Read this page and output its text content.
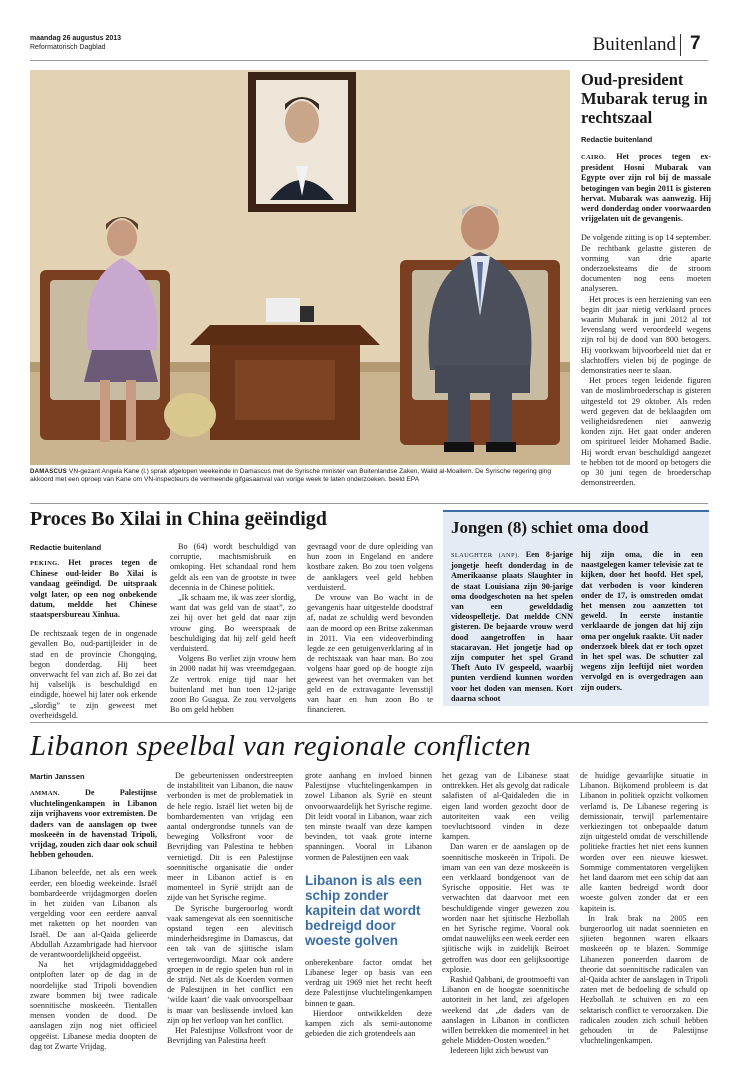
maandag 26 augustus 2013
Reformatorisch Dagblad	Buitenland 7
DAMASCUS VN-gezant Angela Kane (l.) sprak afgelopen weekeinde in Damascus met de Syrische minister van Buitenlandse Zaken, Walid al-Moallem. De Syrische regering ging akkoord met een oproep van Kane om VN-inspecteurs de vermeende gifgasaanval van vorige week te laten onderzoeken. beeld EPA
Oud-president Mubarak terug in rechtszaal
Redactie buitenland

CAIRO. Het proces tegen ex-president Hosni Mubarak van Egypte over zijn rol bij de massale betogingen van begin 2011 is gisteren hervat. Mubarak was aanwezig. Hij werd donderdag onder voorwaarden vrijgelaten uit de gevangenis.

De volgende zitting is op 14 september. De rechtbank gelastte gisteren de vorming van drie aparte onderzoeksteams die de stroom documenten nog eens moeten analyseren.

Het proces is een herziening van een begin dit jaar nietig verklaard proces waarin Mubarak in juni 2012 al tot levenslang werd veroordeeld wegens zijn rol bij de dood van 800 betogers. Hij voorkwam bijvoorbeeld niet dat er slachtoffers vielen bij de poginge de demonstraties neer te slaan.

Het proces tegen leidende figuren van de moslimbroederschap is gisteren uitgesteld tot 29 oktober. Als reden werd gegeven dat de beklaagden om veiligheidsredenen niet aanwezig konden zijn. Het gaat onder anderen om spiritueel leider Mohamed Badie. Hij wordt ervan beschuldigd aangezet te hebben tot de moord op betogers die op 30 juni tegen de broederschap demonstreerden.

Proces Bo Xilai in China geëindigd
Redactie buitenland

PEKING. Het proces tegen de Chinese oud-leider Bo Xilai is vandaag geëindigd. De uitspraak volgt later, op een nog onbekende datum, meldde het Chinese staatspersbureau Xinhua.

De rechtszaak tegen de in ongenade gevallen Bo, oud-partijleider in de stad en de provincie Chongqing, begon donderdag. Hij beet onverwacht fel van zich af. Bo zei dat hij valselijk is beschuldigd en eindigde, hoewel hij later ook erkende „slordig” te zijn geweest met overheidsgeld.

Bo (64) wordt beschuldigd van corruptie, machtsmisbruik en omkoping. Het schandaal rond hem geldt als een van de grootste in twee decennia in de Chinese politiek.

„Ik schaam me, ik was zeer slordig, want dat was geld van de staat”, zo zei hij over het geld dat naar zijn vrouw ging. Bo weerspraak de beschuldiging dat hij zelf geld heeft verduisterd.

Volgens Bo verliet zijn vrouw hem in 2000 nadat hij was vreemdgegaan. Ze vertrok enige tijd naar het buitenland met hun toen 12-jarige zoon Bo Guagua. Ze zou vervolgens Bo om geld hebben

gevraagd voor de dure opleiding van hun zoon in Engeland en andere kostbare zaken. Bo zou toen volgens de aanklagers veel geld hebben verduisterd.

De vrouw van Bo wacht in de gevangenis haar uitgestelde doodstraf af, nadat ze schuldig werd bevonden aan de moord op een Britse zakenman in 2011. Via een videoverbinding legde ze een getuigenverklaring af in de rechtszaak van haar man. Bo zou volgens haar goed op de hoogte zijn geweest van het overmaken van het geld en de extravagante levensstijl van haar en hun zoon Bo te financieren.

Jongen (8) schiet oma dood
SLAUGHTER (ANP). Een 8-jarige jongetje heeft donderdag in de Amerikaanse plaats Slaughter in de staat Louisiana zijn 90-jarige oma doodgeschoten na het spelen van een gewelddadig videospelletje. Dat meldde CNN gisteren. De bejaarde vrouw werd dood aangetroffen in haar stacaravan. Het jongetje had op zijn computer het spel Grand Theft Auto IV gespeeld, waarbij punten verdiend kunnen worden voor het doden van mensen. Kort daarna schoot
hij zijn oma, die in een naastgelegen kamer televisie zat te kijken, door het hoofd. Het spel, dat verboden is voor kinderen onder de 17, is omstreden omdat het mensen zou aanzetten tot geweld. In eerste instantie verklaarde de jongen dat hij zijn oma per ongeluk raakte. Uit nader onderzoek bleek dat er toch opzet in het spel was. De schutter zal wegens zijn leeftijd niet worden vervolgd en is overgedragen aan zijn ouders.
Libanon speelbal van regionale conflicten
Martin Janssen

AMMAN.	De Palestijnse vluchtelingenkampen in Libanon zijn vrijhavens voor extremisten. De daders van de aanslagen op twee moskeeën in de havenstad Tripoli, vrijdag, zouden zich daar ook schuil hebben gehouden.

Libanon beleefde, net als een week eerder, een bloedig weekeinde. Israël bombardeerde vrijdagmorgen doelen in het zuiden van Libanon als vergelding voor een eerdere aanval met raketten op het noorden van Israël. De aan al-Qaida gelieerde Abdullah Azzambrigade had hiervoor de verantwoordelijkheid opgeëist.

Na het vrijdagmiddaggebed ontploften later op de dag in de noordelijke stad Tripoli bovendien zware bommen bij twee radicale soennitische moskeeën. Tientallen mensen vonden de dood. De aanslagen zijn nog niet officieel opgeëist. Libanese media doopten de dag tot Zwarte Vrijdag.

De gebeurtenissen onderstreepten de instabiliteit van Libanon, die nauw verbonden is met de problematiek in de hele regio. Israël liet weten bij de bombardementen van vrijdag een aantal ondergrondse tunnels van de beweging Volksfront voor de Bevrijding van Palestina te hebben vernietigd. Dit is een Palestijnse soennitische organisatie die onder meer in Libanon actief is en momenteel in Syrië strijdt aan de zijde van het Syrische regime.

De Syrische burgeroorlog wordt vaak samengevat als een soennitische opstand tegen een alevitisch minderheidsregime in Damascus, dat een tak van de sjiitische islam vertegenwoordigt. Maar ook andere groepen in de regio spelen hun rol in de strijd. Net als de Koerden vormen de Palestijnen in het conflict een ‘wilde kaart’ die vaak onvoorspelbaar is maar van beslissende invloed kan zijn op het verloop van het conflict.

Het Palestijnse Volksfront voor de Bevrijding van Palestina heeft

grote aanhang en invloed binnen Palestijnse vluchtelingenkampen in zowel Libanon als Syrië en steunt onvoorwaardelijk het Syrische regime. Dit leidt vooral in Libanon, waar zich ten minste twaalf van deze kampen bevinden, tot vaak grote interne spanningen. Vooral in Libanon vormen de Palestijnen een vaak

Libanon is als een schip zonder kapitein dat wordt bedreigd door woeste golven

onberekenbare factor omdat het Libanese leger op basis van een verdrag uit 1969 niet het recht heeft deze Palestijnse vluchtelingenkampen binnen te gaan.

Hierdoor ontwikkelden deze kampen zich als semi-autonome gebieden die zich grotendeels aan

het gezag van de Libanese staat onttrekken. Het als gevolg dat radicale salafisten of al-Qaidaleden die in eigen land worden gezocht door de autoriteiten vaak een veilig toevluchtsoord vinden in deze kampen.

Dan waren er de aanslagen op de soennitische moskeeën in Tripoli. De imam van een van deze moskeeën is een verklaard bondgenoot van de Syrische oppositie. Het was te verwachten dat daarvoor met een beschuldigende vinger gewezen zou worden naar het sjiitische Hezbollah en het Syrische regime. Vooral ook omdat nauwelijks een week eerder een sjiitische wijk in zuidelijk Beiroet getroffen was door een gelijksoortige explosie.

Rashid Qabbani, de grootmoefti van Libanon en de hoogste soennitische autoriteit in het land, zei afgelopen weekend dat „de daders van de aanslagen in Libanon in conflicten willen betrekken die momenteel in het gehele Midden-Oosten woeden.”

Iedereen lijkt zich bewust van

de huidige gevaarlijke situatie in Libanon. Bijkomend probleem is dat Libanon in politiek opzicht volkomen verlamd is. De Libanese regering is demissionair, terwijl parlementaire verkiezingen tot onbepaalde datum zijn uitgesteld omdat de verschillende politieke fracties het niet eens kunnen worden over een nieuwe kieswet. Sommige commentatoren vergelijken het land daarom met een schip dat aan alle kanten bedreigd wordt door woeste golven zonder dat er een kapitein is.

In Irak brak na 2005 een burgeroorlog uit nadat soennieten en sjiieten begonnen waren elkaars moskeeën op te blazen. Sommige Libanezen poneerden daarom de theorie dat soennitische radicalen van al-Qaida achter de aanslagen in Tripoli zaten met de bedoeling de schuld op Hezbollah te schuiven en zo een sektarisch conflict te veroorzaken. Die radicalen zouden zich schuil hebben gehouden in de Palestijnse vluchtelingenkampen.
